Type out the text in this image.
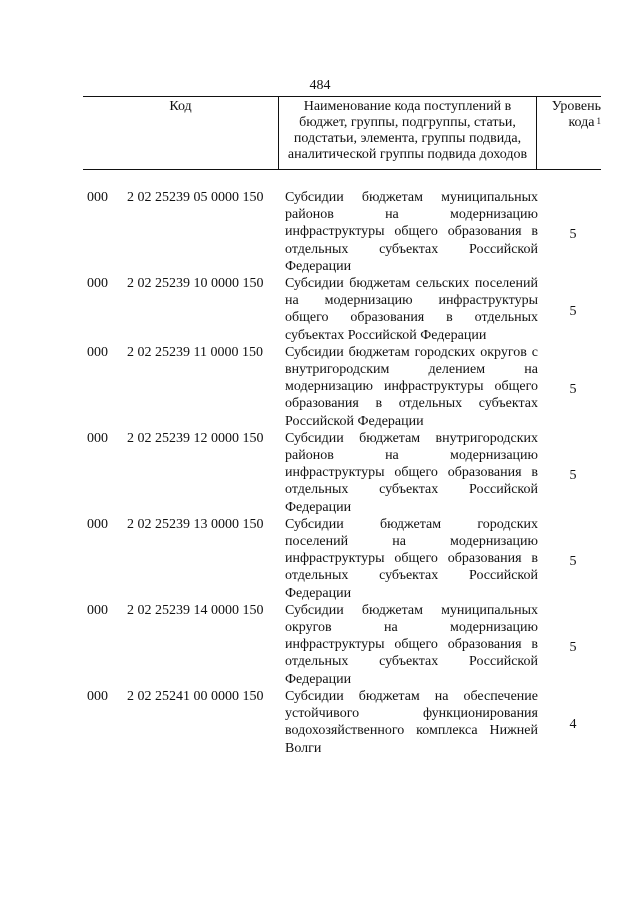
484
Код	Наименование кода поступлений в бюджет, группы, подгруппы, статьи, подстатьи, элемента, группы подвида, аналитической группы подвида доходов
Уровень кода $^1$
000 2 02 25239 05 0000 150 Субсидии бюджетам муниципальных районов на модернизацию инфраструктуры общего образования в отдельных субъектах Российской Федерации
5
000 2 02 25239 10 0000 150 Субсидии бюджетам сельских поселений на модернизацию инфраструктуры общего образования в отдельных субъектах Российской Федерации
5
000 2 02 25239 11 0000 150 Субсидии бюджетам городских округов с внутригородским делением на модернизацию инфраструктуры общего образования в отдельных субъектах Российской Федерации
5
000 2 02 25239 12 0000 150 Субсидии бюджетам внутригородских районов на модернизацию инфраструктуры общего образования в отдельных субъектах Российской Федерации
5
000 2 02 25239 13 0000 150 Субсидии бюджетам городских поселений на модернизацию инфраструктуры общего образования в отдельных субъектах Российской Федерации
5
000 2 02 25239 14 0000 150 Субсидии бюджетам муниципальных округов на модернизацию инфраструктуры общего образования в отдельных субъектах Российской Федерации
5
000 2 02 25241 00 0000 150 Субсидии бюджетам на обеспечение устойчивого функционирования водохозяйственного комплекса Нижней Волги
4
